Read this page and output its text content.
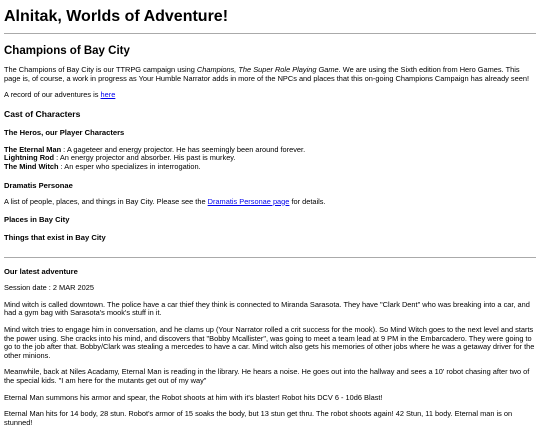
Alnitak, Worlds of Adventure!
Champions of Bay City

The Champions of Bay City is our TTRPG campaign using Champions, The Super Role Playing Game. We are using the Sixth edition from Hero Games. This page is, of course, a work in progress as Your Humble Narrator adds in more of the NPCs and places that this on-going Champions Campaign has already seen!

A record of our adventures is here

Cast of Characters
The Heros, our Player Characters
The Eternal Man : A gageteer and energy projector. He has seemingly been around forever.
Lightning Rod : An energy projector and absorber. His past is murkey.
The Mind Witch : An esper who specializes in interrogation.
Dramatis Personae

A list of people, places, and things in Bay City. Please see the Dramatis Personae page for details.

Places in Bay City
Things that exist in Bay City
Our latest adventure

Session date : 2 MAR 2025

Mind witch is called downtown. The police have a car thief they think is connected to Miranda Sarasota. They have "Clark Dent" who was breaking into a car, and had a gym bag with Sarasota's mook's stuff in it.

Mind witch tries to engage him in conversation, and he clams up (Your Narrator rolled a crit success for the mook). So Mind Witch goes to the next level and starts the power using. She cracks into his mind, and discovers that "Bobby Mcallister", was going to meet a team lead at 9 PM in the Embarcadero. They were going to go to the job after that. Bobby/Clark was stealing a mercedes to have a car. Mind witch also gets his memories of other jobs where he was a getaway driver for the other minions.

Meanwhile, back at Niles Acadamy, Eternal Man is reading in the library. He hears a noise. He goes out into the hallway and sees a 10' robot chasing after two of the special kids. "I am here for the mutants get out of my way"

Eternal Man summons his armor and spear, the Robot shoots at him with it's blaster! Robot hits DCV 6 - 10d6 Blast!

Eternal Man hits for 14 body, 28 stun. Robot's armor of 15 soaks the body, but 13 stun get thru. The robot shoots again! 42 Stun, 11 body. Eternal man is on stunned!
